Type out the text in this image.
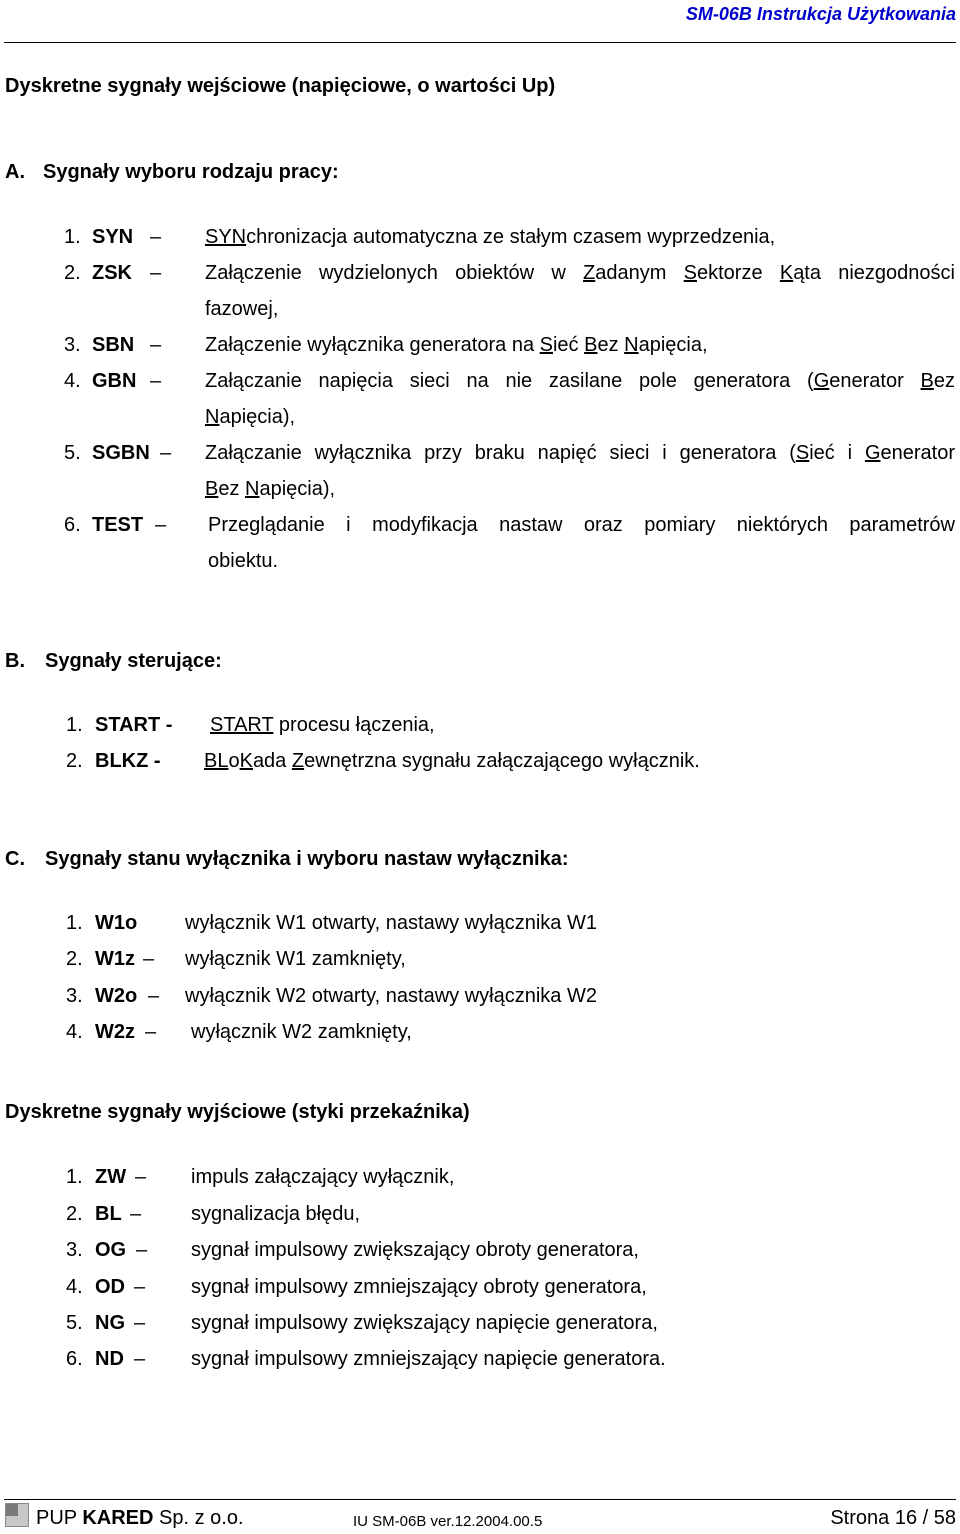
SM-06B Instrukcja Użytkowania
Dyskretne sygnały wejściowe (napięciowe, o wartości Up)
A. Sygnały wyboru rodzaju pracy:
1. SYN – SYNchronizacja automatyczna ze stałym czasem wyprzedzenia,
2. ZSK – Załączenie wydzielonych obiektów w Zadanym Sektorze Kąta niezgodności
fazowej,
3. SBN – Załączenie wyłącznika generatora na Sieć Bez Napięcia,
4. GBN – Załączanie napięcia sieci na nie zasilane pole generatora (Generator Bez
Napięcia),
5. SGBN – Załączanie wyłącznika przy braku napięć sieci i generatora (Sieć i Generator
Bez Napięcia),
6. TEST – Przeglądanie i modyfikacja nastaw oraz pomiary niektórych parametrów
obiektu.
B. Sygnały sterujące:
1. START - START procesu łączenia,
2. BLKZ - BLoKada Zewnętrzna sygnału załączającego wyłącznik.
C. Sygnały stanu wyłącznika i wyboru nastaw wyłącznika:
1. W1o wyłącznik W1 otwarty, nastawy wyłącznika W1
2. W1z – wyłącznik W1 zamknięty,
3. W2o – wyłącznik W2 otwarty, nastawy wyłącznika W2
4. W2z – wyłącznik W2 zamknięty,
Dyskretne sygnały wyjściowe (styki przekaźnika)
1. ZW – impuls załączający wyłącznik,
2. BL – sygnalizacja błędu,
3. OG – sygnał impulsowy zwiększający obroty generatora,
4. OD – sygnał impulsowy zmniejszający obroty generatora,
5. NG – sygnał impulsowy zwiększający napięcie generatora,
6. ND – sygnał impulsowy zmniejszający napięcie generatora.
PUP KARED Sp. z o.o.	IU SM-06B ver.12.2004.00.5	Strona 16 / 58
